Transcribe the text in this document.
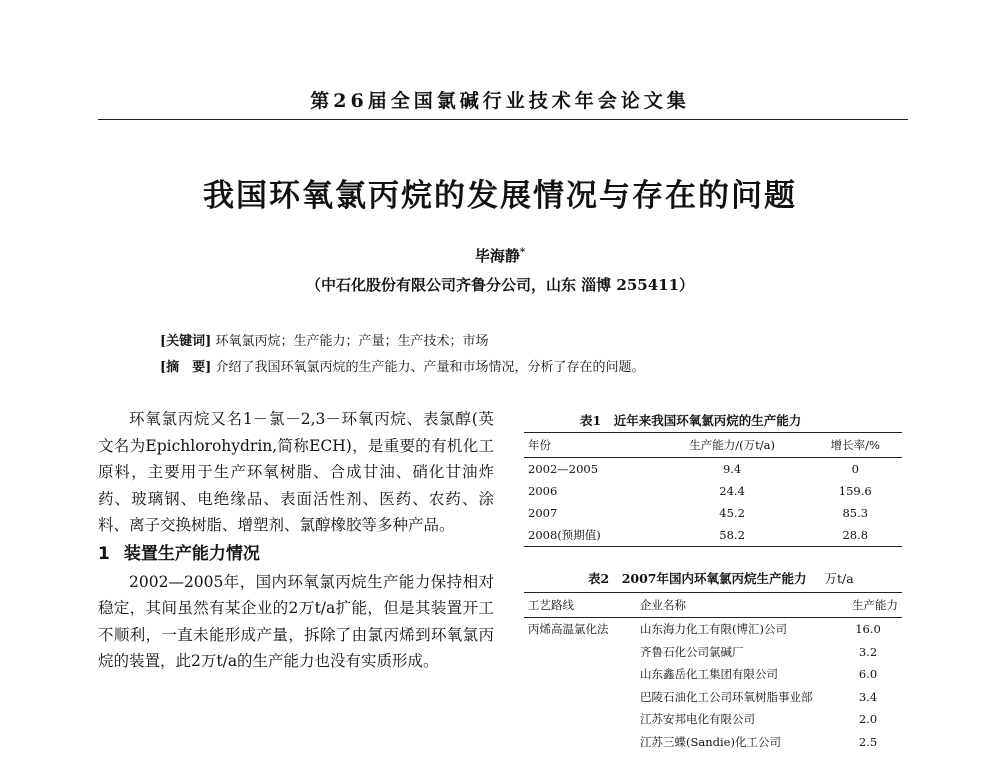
第26届全国氯碱行业技术年会论文集
我国环氧氯丙烷的发展情况与存在的问题
毕海静*
（中石化股份有限公司齐鲁分公司，山东 淄博 255411）
[关键词] 环氧氯丙烷；生产能力；产量；生产技术；市场
[摘　要] 介绍了我国环氧氯丙烷的生产能力、产量和市场情况，分析了存在的问题。

环氧氯丙烷又名1－氯－2,3－环氧丙烷、表氯醇(英文名为Epichlorohydrin,简称ECH)，是重要的有机化工原料，主要用于生产环氧树脂、合成甘油、硝化甘油炸药、玻璃钢、电绝缘品、表面活性剂、医药、农药、涂料、离子交换树脂、增塑剂、氯醇橡胶等多种产品。

1 装置生产能力情况

2002—2005年，国内环氧氯丙烷生产能力保持相对稳定，其间虽然有某企业的2万t/a扩能，但是其装置开工不顺利，一直未能形成产量，拆除了由氯丙烯到环氧氯丙烷的装置，此2万t/a的生产能力也没有实质形成。

表1　近年来我国环氧氯丙烷的生产能力
年份	生产能力/(万t/a)	增长率/%
2002—2005	9.4	0
2006	24.4	159.6
2007	45.2	85.3
2008(预期值)	58.2	28.8
表2　2007年国内环氧氯丙烷生产能力 万t/a
工艺路线	企业名称	生产能力
丙烯高温氯化法	山东海力化工有限(博汇)公司	16.0
	齐鲁石化公司氯碱厂	3.2
	山东鑫岳化工集团有限公司	6.0
	巴陵石油化工公司环氧树脂事业部	3.4
	江苏安邦电化有限公司	2.0
	江苏三蝶(Sandie)化工公司	2.5
